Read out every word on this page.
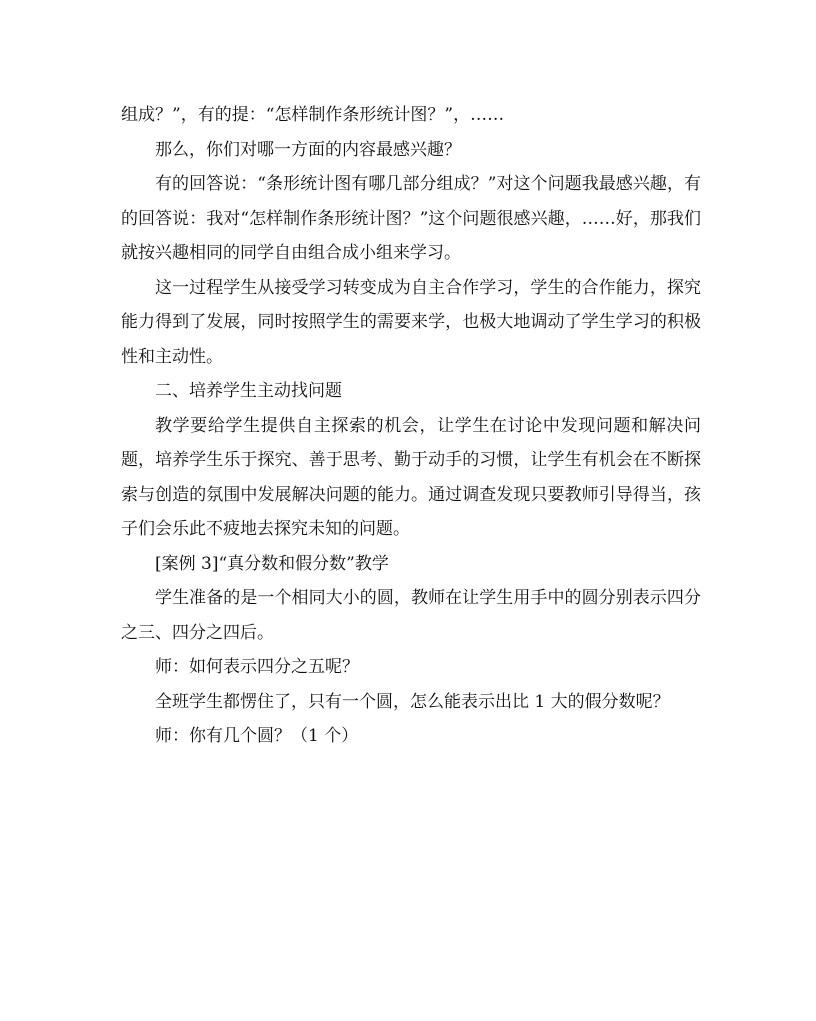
组成？”，有的提：“怎样制作条形统计图？”，……

那么，你们对哪一方面的内容最感兴趣？

有的回答说：“条形统计图有哪几部分组成？”对这个问题我最感兴趣，有的回答说：我对“怎样制作条形统计图？”这个问题很感兴趣，……好，那我们就按兴趣相同的同学自由组合成小组来学习。

这一过程学生从接受学习转变成为自主合作学习，学生的合作能力，探究能力得到了发展，同时按照学生的需要来学，也极大地调动了学生学习的积极性和主动性。

二、培养学生主动找问题

教学要给学生提供自主探索的机会，让学生在讨论中发现问题和解决问题，培养学生乐于探究、善于思考、勤于动手的习惯，让学生有机会在不断探索与创造的氛围中发展解决问题的能力。通过调查发现只要教师引导得当，孩子们会乐此不疲地去探究未知的问题。

[案例 3]“真分数和假分数”教学

学生准备的是一个相同大小的圆，教师在让学生用手中的圆分别表示四分之三、四分之四后。

师：如何表示四分之五呢？

全班学生都愣住了，只有一个圆，怎么能表示出比 1 大的假分数呢？

师：你有几个圆？（1 个）
